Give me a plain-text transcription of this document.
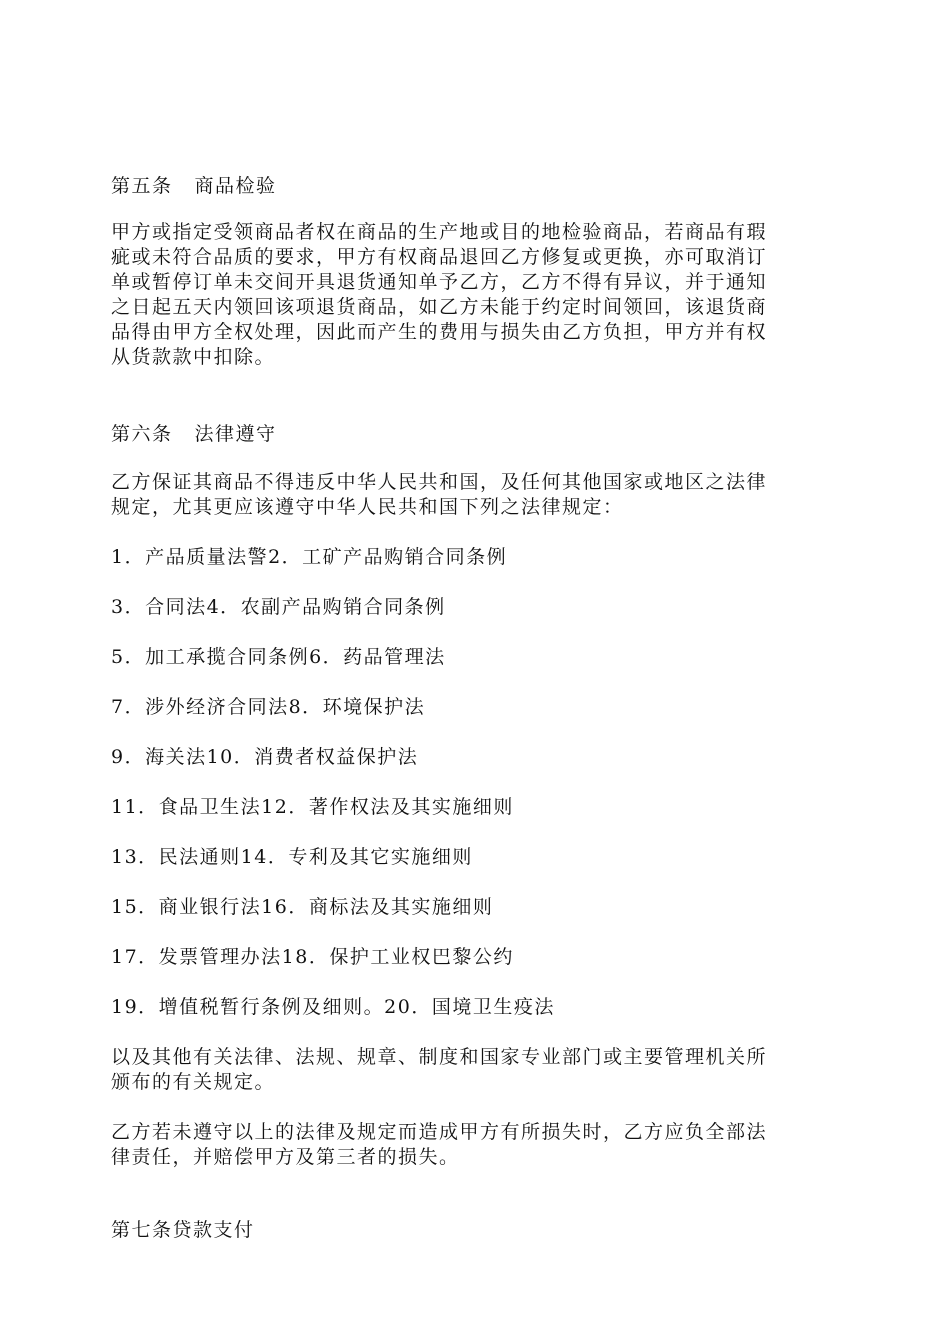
第五条 商品检验

甲方或指定受领商品者权在商品的生产地或目的地检验商品，若商品有瑕

疵或未符合品质的要求，甲方有权商品退回乙方修复或更换，亦可取消订

单或暂停订单未交间开具退货通知单予乙方，乙方不得有异议，并于通知

之日起五天内领回该项退货商品，如乙方未能于约定时间领回，该退货商

品得由甲方全权处理，因此而产生的费用与损失由乙方负担，甲方并有权

从货款款中扣除。

第六条 法律遵守

乙方保证其商品不得违反中华人民共和国，及任何其他国家或地区之法律

规定，尤其更应该遵守中华人民共和国下列之法律规定：

1．产品质量法警2．工矿产品购销合同条例

3．合同法4．农副产品购销合同条例

5．加工承揽合同条例6．药品管理法

7．涉外经济合同法8．环境保护法

9．海关法10．消费者权益保护法

11．食品卫生法12．著作权法及其实施细则

13．民法通则14．专利及其它实施细则

15．商业银行法16．商标法及其实施细则

17．发票管理办法18．保护工业权巴黎公约

19．增值税暂行条例及细则。20．国境卫生疫法

以及其他有关法律、法规、规章、制度和国家专业部门或主要管理机关所

颁布的有关规定。

乙方若未遵守以上的法律及规定而造成甲方有所损失时，乙方应负全部法

律责任，并赔偿甲方及第三者的损失。

第七条贷款支付
